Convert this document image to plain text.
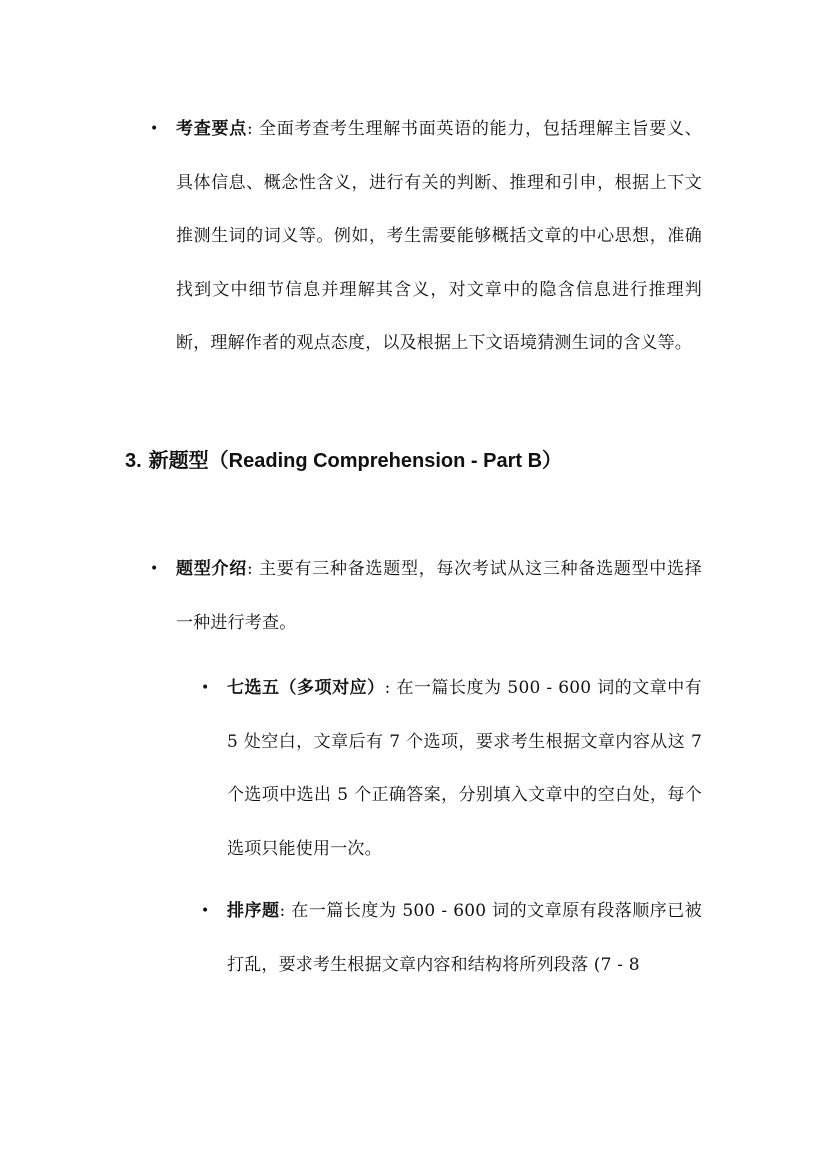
• 考查要点: 全面考查考生理解书面英语的能力，包括理解主旨要义、具体信息、概念性含义，进行有关的判断、推理和引申，根据上下文推测生词的词义等。例如，考生需要能够概括文章的中心思想，准确找到文中细节信息并理解其含义，对文章中的隐含信息进行推理判断，理解作者的观点态度，以及根据上下文语境猜测生词的含义等。
3. 新题型（Reading Comprehension - Part B）
• 题型介绍: 主要有三种备选题型，每次考试从这三种备选题型中选择一种进行考查。
• 七选五（多项对应）: 在一篇长度为 500 - 600 词的文章中有 5 处空白，文章后有 7 个选项，要求考生根据文章内容从这 7 个选项中选出 5 个正确答案，分别填入文章中的空白处，每个选项只能使用一次。
• 排序题: 在一篇长度为 500 - 600 词的文章原有段落顺序已被打乱，要求考生根据文章内容和结构将所列段落 (7 - 8
